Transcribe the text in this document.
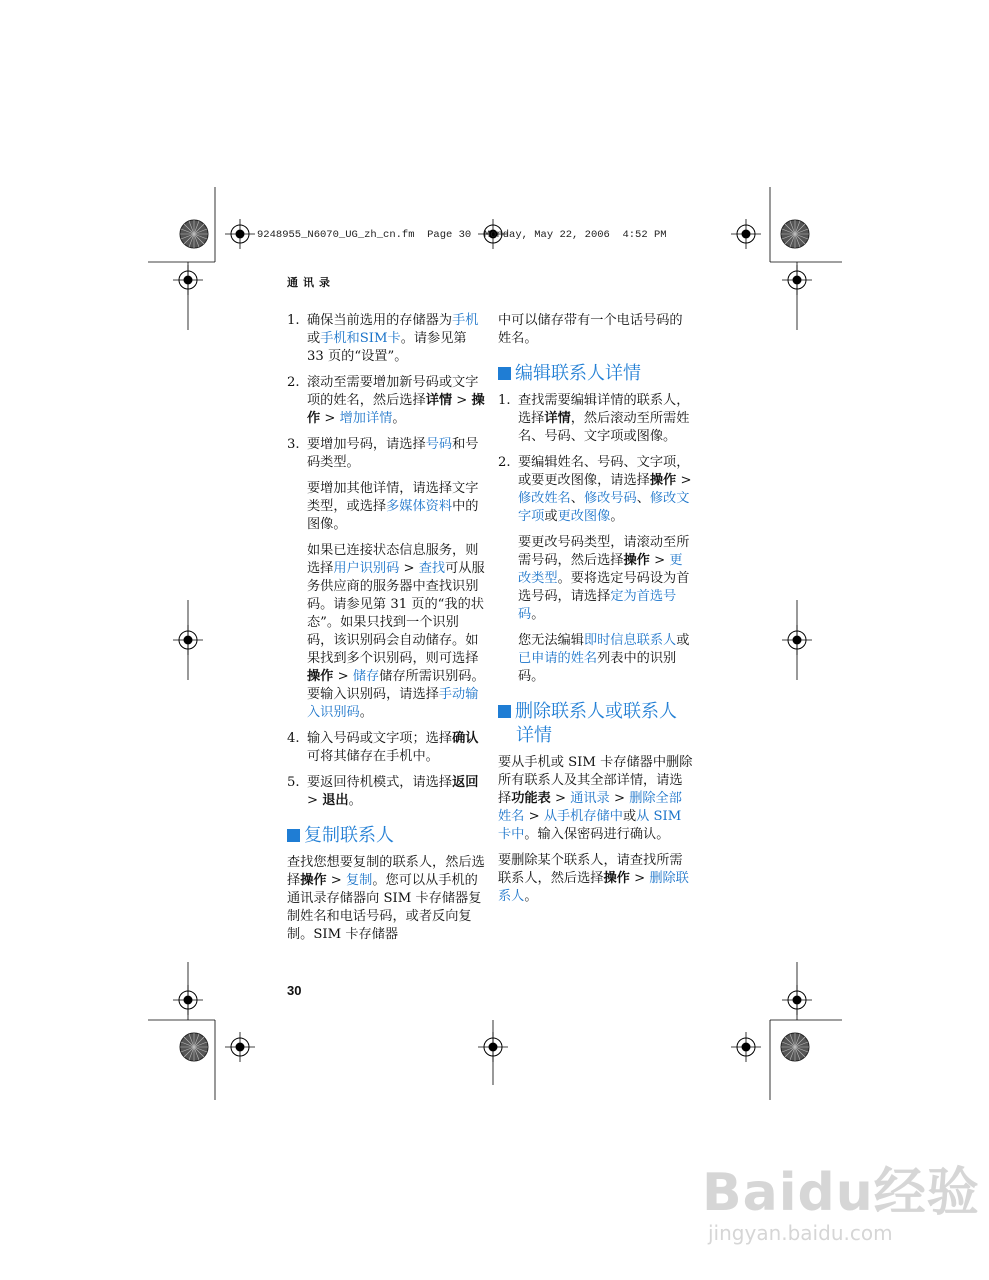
9248955_N6070_UG_zh_cn.fm  Page 30  Monday, May 22, 2006  4:52 PM
通讯录
1. 确保当前选用的存储器为手机或手机和SIM卡。请参见第 33 页的“设置”。
2. 滚动至需要增加新号码或文字项的姓名，然后选择详情 > 操作 > 增加详情。
3. 要增加号码，请选择号码和号码类型。
要增加其他详情，请选择文字类型，或选择多媒体资料中的图像。
如果已连接状态信息服务，则选择用户识别码 > 查找可从服务供应商的服务器中查找识别码。请参见第 31 页的“我的状态”。如果只找到一个识别码，该识别码会自动储存。如果找到多个识别码，则可选择操作 > 储存储存所需识别码。要输入识别码，请选择手动输入识别码。
4. 输入号码或文字项；选择确认可将其储存在手机中。
5. 要返回待机模式，请选择返回 > 退出。
复制联系人
查找您想要复制的联系人，然后选择操作 > 复制。您可以从手机的通讯录存储器向 SIM 卡存储器复制姓名和电话号码，或者反向复制。SIM 卡存储器
中可以储存带有一个电话号码的姓名。
编辑联系人详情
1. 查找需要编辑详情的联系人，选择详情，然后滚动至所需姓名、号码、文字项或图像。
2. 要编辑姓名、号码、文字项，或要更改图像，请选择操作 > 修改姓名、修改号码、修改文字项或更改图像。
要更改号码类型，请滚动至所需号码，然后选择操作 > 更改类型。要将选定号码设为首选号码，请选择定为首选号码。
您无法编辑即时信息联系人或已申请的姓名列表中的识别码。
删除联系人或联系人
详情
要从手机或 SIM 卡存储器中删除所有联系人及其全部详情，请选择功能表 > 通讯录 > 删除全部姓名 > 从手机存储中或从 SIM 卡中。输入保密码进行确认。
要删除某个联系人，请查找所需联系人，然后选择操作 > 删除联系人。
30
Baidu经验
jingyan.baidu.com
